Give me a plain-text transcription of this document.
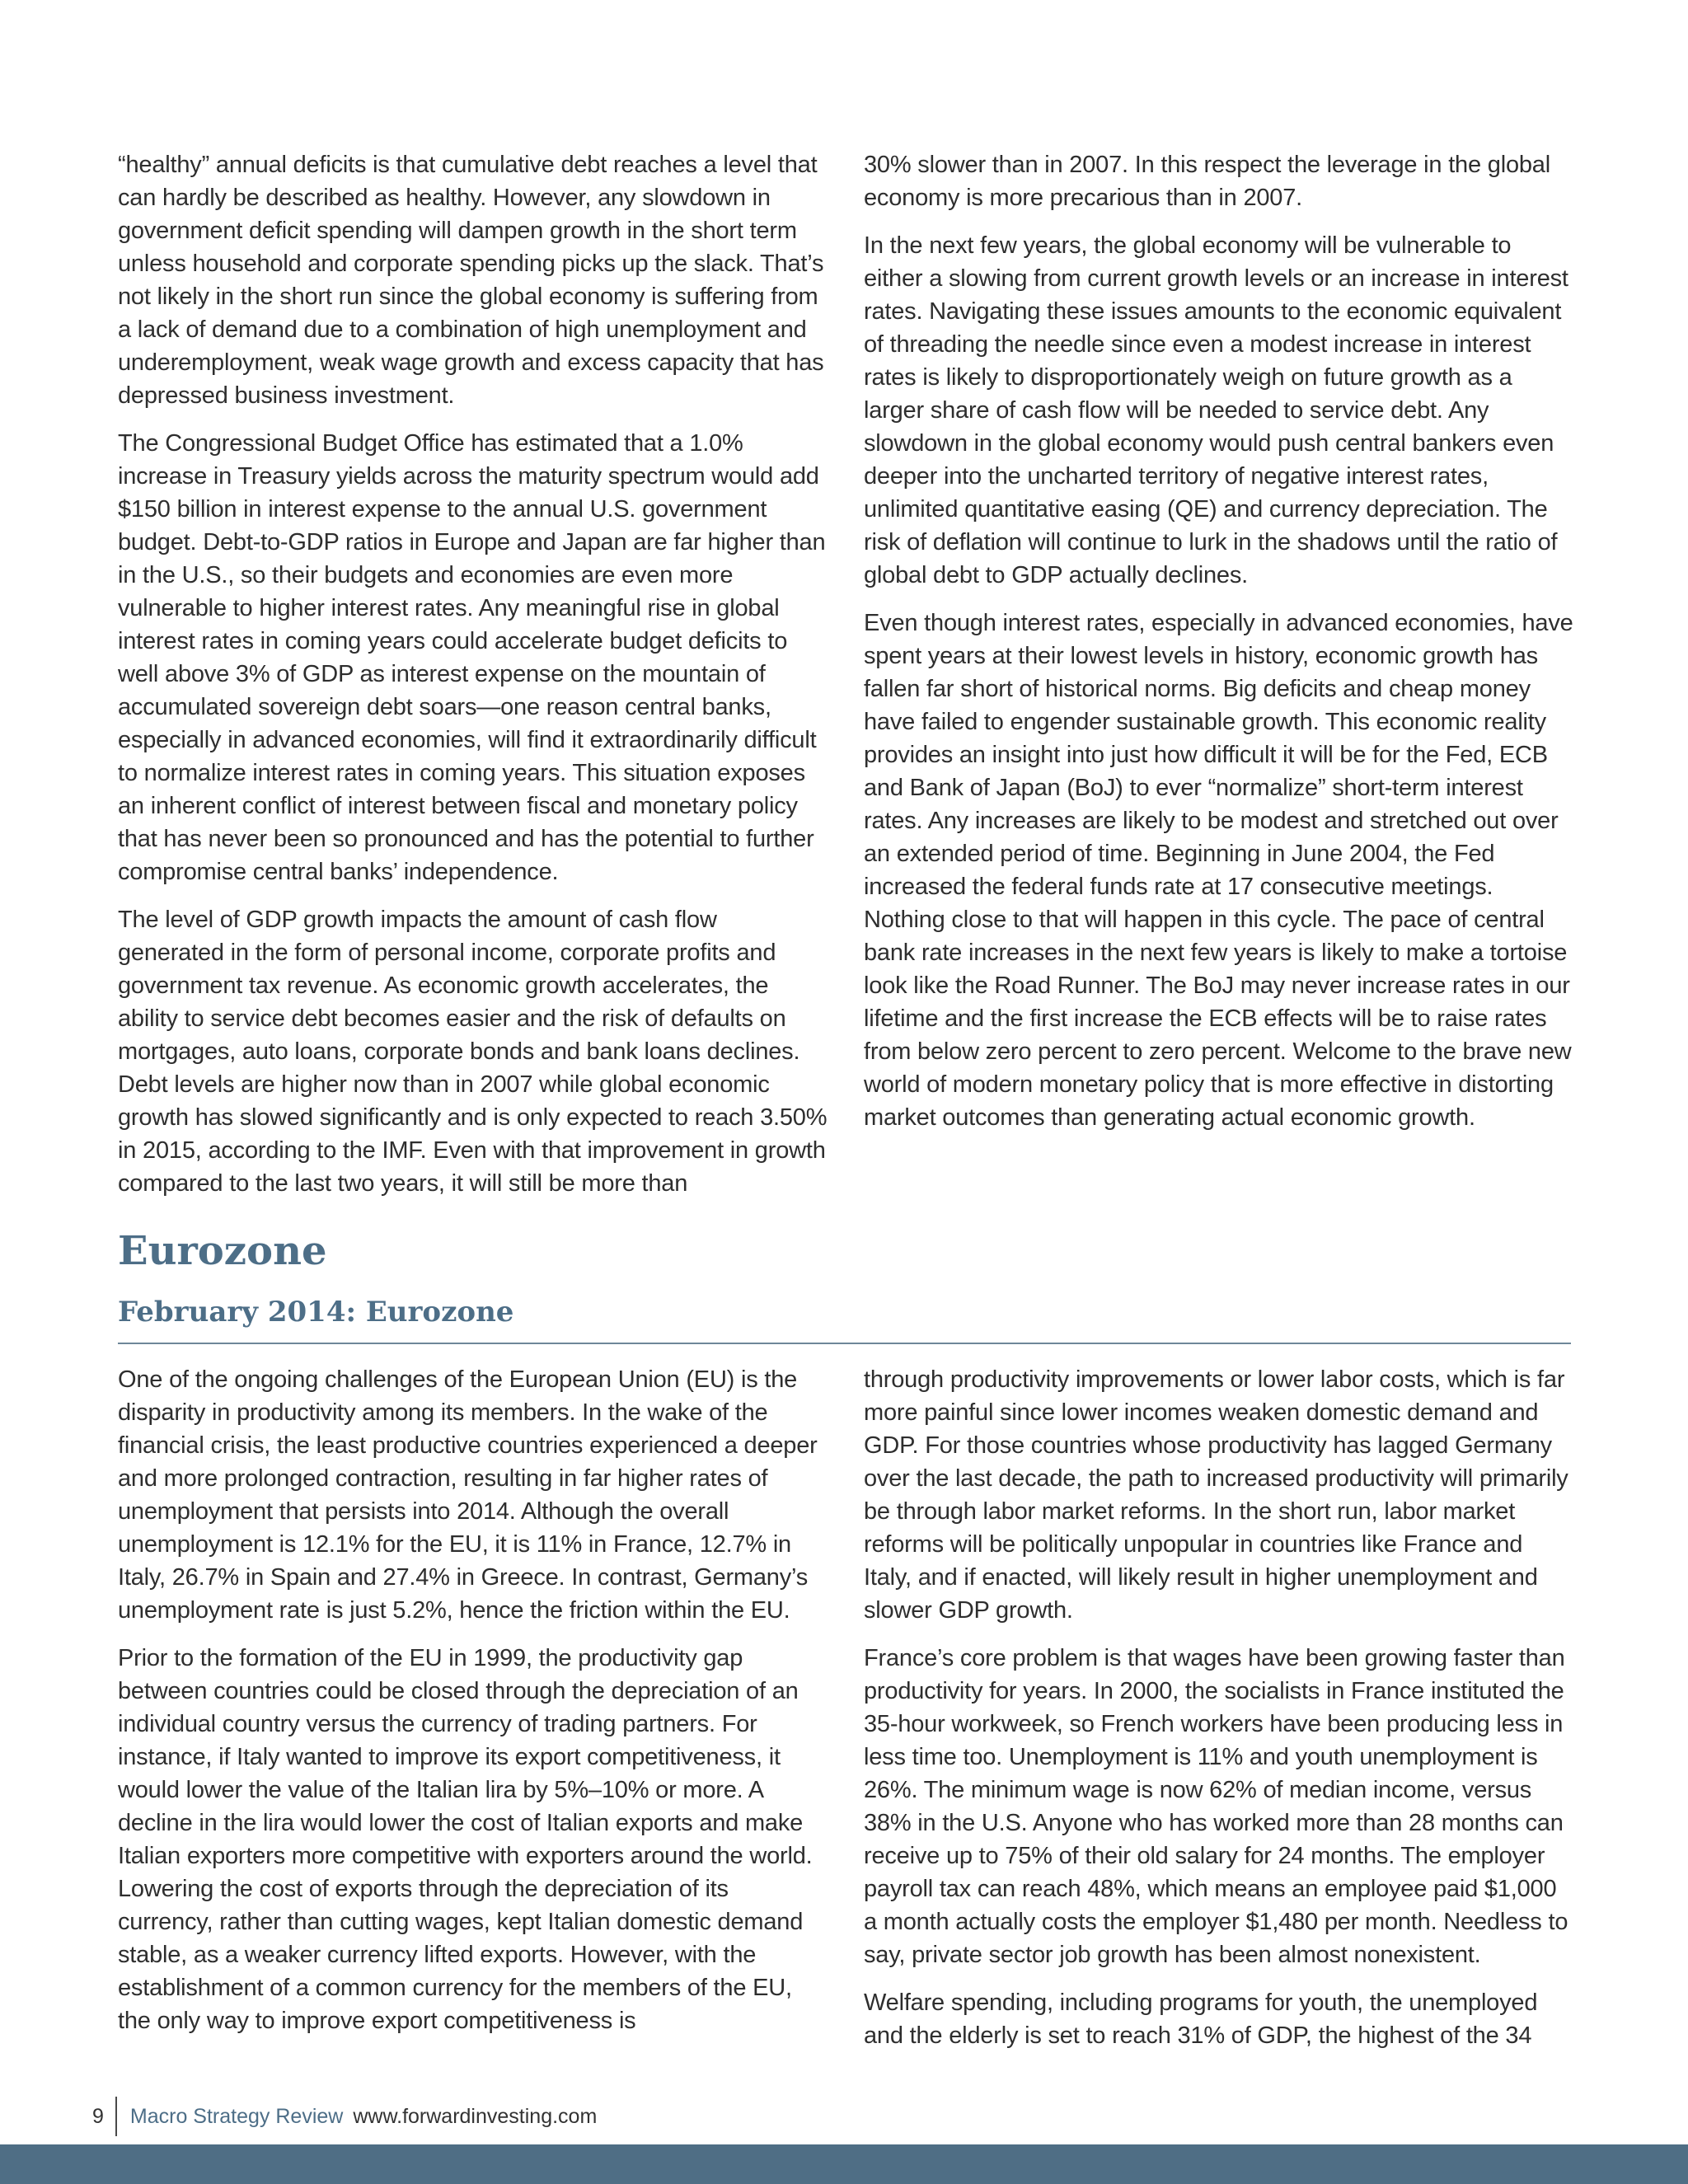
“healthy” annual deficits is that cumulative debt reaches a level that can hardly be described as healthy. However, any slowdown in government deficit spending will dampen growth in the short term unless household and corporate spending picks up the slack. That’s not likely in the short run since the global economy is suffering from a lack of demand due to a combination of high unemployment and underemployment, weak wage growth and excess capacity that has depressed business investment.

The Congressional Budget Office has estimated that a 1.0% increase in Treasury yields across the maturity spectrum would add $150 billion in interest expense to the annual U.S. government budget. Debt-to-GDP ratios in Europe and Japan are far higher than in the U.S., so their budgets and economies are even more vulnerable to higher interest rates. Any meaningful rise in global interest rates in coming years could accelerate budget deficits to well above 3% of GDP as interest expense on the mountain of accumulated sovereign debt soars—one reason central banks, especially in advanced economies, will find it extraordinarily difficult to normalize interest rates in coming years. This situation exposes an inherent conflict of interest between fiscal and monetary policy that has never been so pronounced and has the potential to further compromise central banks’ independence.

The level of GDP growth impacts the amount of cash flow generated in the form of personal income, corporate profits and government tax revenue. As economic growth accelerates, the ability to service debt becomes easier and the risk of defaults on mortgages, auto loans, corporate bonds and bank loans declines. Debt levels are higher now than in 2007 while global economic growth has slowed significantly and is only expected to reach 3.50% in 2015, according to the IMF. Even with that improvement in growth compared to the last two years, it will still be more than

30% slower than in 2007. In this respect the leverage in the global economy is more precarious than in 2007.

In the next few years, the global economy will be vulnerable to either a slowing from current growth levels or an increase in interest rates. Navigating these issues amounts to the economic equivalent of threading the needle since even a modest increase in interest rates is likely to disproportionately weigh on future growth as a larger share of cash flow will be needed to service debt. Any slowdown in the global economy would push central bankers even deeper into the uncharted territory of negative interest rates, unlimited quantitative easing (QE) and currency depreciation. The risk of deflation will continue to lurk in the shadows until the ratio of global debt to GDP actually declines.

Even though interest rates, especially in advanced economies, have spent years at their lowest levels in history, economic growth has fallen far short of historical norms. Big deficits and cheap money have failed to engender sustainable growth. This economic reality provides an insight into just how difficult it will be for the Fed, ECB and Bank of Japan (BoJ) to ever “normalize” short-term interest rates. Any increases are likely to be modest and stretched out over an extended period of time. Beginning in June 2004, the Fed increased the federal funds rate at 17 consecutive meetings. Nothing close to that will happen in this cycle. The pace of central bank rate increases in the next few years is likely to make a tortoise look like the Road Runner. The BoJ may never increase rates in our lifetime and the first increase the ECB effects will be to raise rates from below zero percent to zero percent. Welcome to the brave new world of modern monetary policy that is more effective in distorting market outcomes than generating actual economic growth.

Eurozone
February 2014: Eurozone

One of the ongoing challenges of the European Union (EU) is the disparity in productivity among its members. In the wake of the financial crisis, the least productive countries experienced a deeper and more prolonged contraction, resulting in far higher rates of unemployment that persists into 2014. Although the overall unemployment is 12.1% for the EU, it is 11% in France, 12.7% in Italy, 26.7% in Spain and 27.4% in Greece. In contrast, Germany’s unemployment rate is just 5.2%, hence the friction within the EU.

Prior to the formation of the EU in 1999, the productivity gap between countries could be closed through the depreciation of an individual country versus the currency of trading partners. For instance, if Italy wanted to improve its export competitiveness, it would lower the value of the Italian lira by 5%–10% or more. A decline in the lira would lower the cost of Italian exports and make Italian exporters more competitive with exporters around the world. Lowering the cost of exports through the depreciation of its currency, rather than cutting wages, kept Italian domestic demand stable, as a weaker currency lifted exports. However, with the establishment of a common currency for the members of the EU, the only way to improve export competitiveness is

through productivity improvements or lower labor costs, which is far more painful since lower incomes weaken domestic demand and GDP. For those countries whose productivity has lagged Germany over the last decade, the path to increased productivity will primarily be through labor market reforms. In the short run, labor market reforms will be politically unpopular in countries like France and Italy, and if enacted, will likely result in higher unemployment and slower GDP growth.

France’s core problem is that wages have been growing faster than productivity for years. In 2000, the socialists in France instituted the 35-hour workweek, so French workers have been producing less in less time too. Unemployment is 11% and youth unemployment is 26%. The minimum wage is now 62% of median income, versus 38% in the U.S. Anyone who has worked more than 28 months can receive up to 75% of their old salary for 24 months. The employer payroll tax can reach 48%, which means an employee paid $1,000 a month actually costs the employer $1,480 per month. Needless to say, private sector job growth has been almost nonexistent.

Welfare spending, including programs for youth, the unemployed and the elderly is set to reach 31% of GDP, the highest of the 34

9 Macro Strategy Review www.forwardinvesting.com
